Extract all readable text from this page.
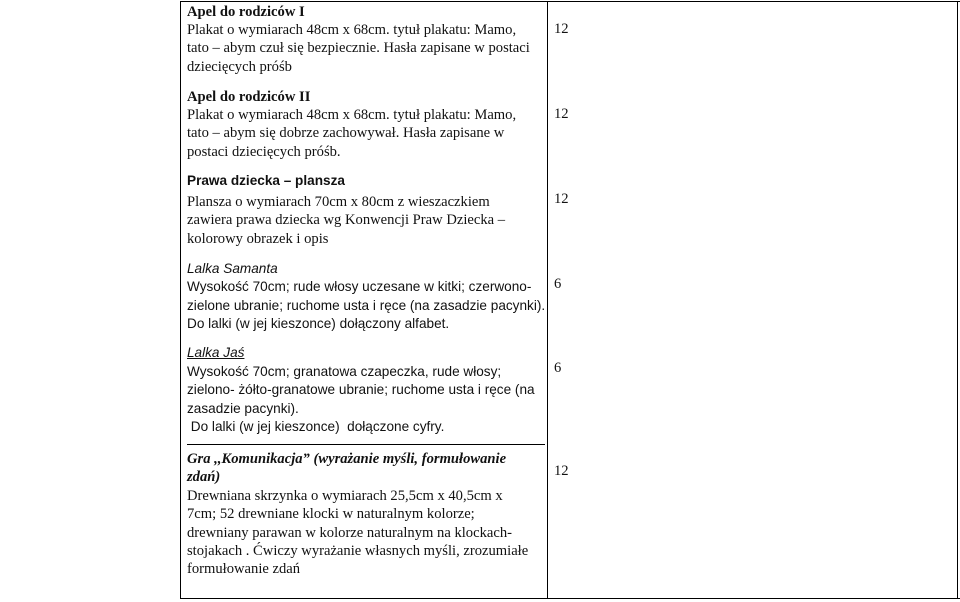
Apel do rodziców I
Plakat o wymiarach 48cm x 68cm. tytuł plakatu: Mamo,
tato – abym czuł się bezpiecznie. Hasła zapisane w postaci
dziecięcych próśb
12
Apel do rodziców II
Plakat o wymiarach 48cm x 68cm. tytuł plakatu: Mamo,
tato – abym się dobrze zachowywał. Hasła zapisane w
postaci dziecięcych próśb.
12
Prawa dziecka – plansza
Plansza o wymiarach 70cm x 80cm z wieszaczkiem
zawiera prawa dziecka wg Konwencji Praw Dziecka –
kolorowy obrazek i opis
12
Lalka Samanta
Wysokość 70cm; rude włosy uczesane w kitki; czerwono-
zielone ubranie; ruchome usta i ręce (na zasadzie pacynki).
Do lalki (w jej kieszonce) dołączony alfabet.
6
Lalka Jaś
Wysokość 70cm; granatowa czapeczka, rude włosy;
zielono- żółto-granatowe ubranie; ruchome usta i ręce (na
zasadzie pacynki).
Do lalki (w jej kieszonce)  dołączone cyfry.
6
Gra ,,Komunikacja” (wyrażanie myśli, formułowanie
zdań)
Drewniana skrzynka o wymiarach 25,5cm x 40,5cm x
7cm; 52 drewniane klocki w naturalnym kolorze;
drewniany parawan w kolorze naturalnym na klockach-
stojakach . Ćwiczy wyrażanie własnych myśli, zrozumiałe
formułowanie zdań
12
